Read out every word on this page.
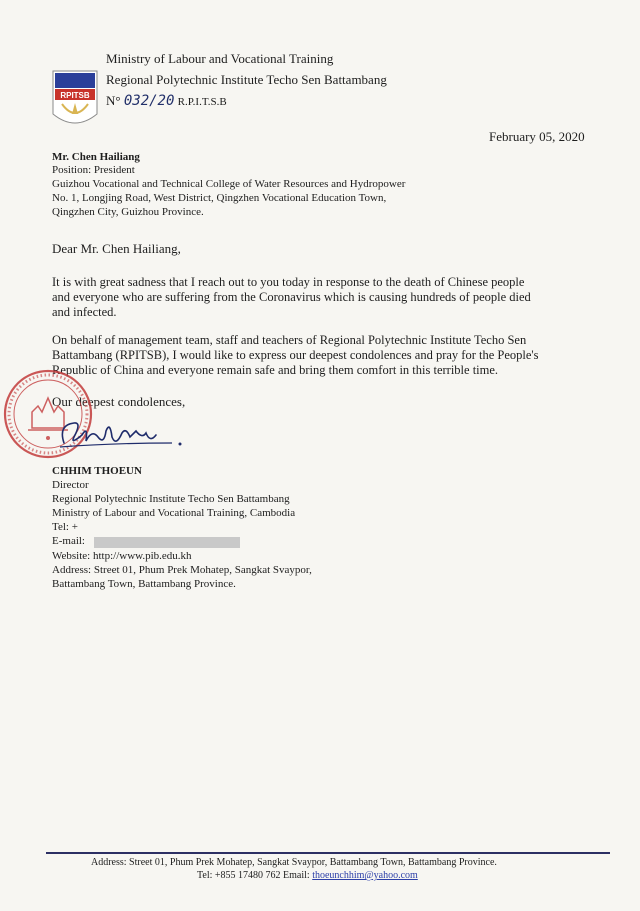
RPITSB
Ministry of Labour and Vocational Training
Regional Polytechnic Institute Techo Sen Battambang
N° 032/20 R.P.I.T.S.B
February 05, 2020
Mr. Chen Hailiang
Position: President
Guizhou Vocational and Technical College of Water Resources and Hydropower
No. 1, Longjing Road, West District, Qingzhen Vocational Education Town,
Qingzhen City, Guizhou Province.
Dear Mr. Chen Hailiang,
It is with great sadness that I reach out to you today in response to the death of Chinese people
and everyone who are suffering from the Coronavirus which is causing hundreds of people died
and infected.
On behalf of management team, staff and teachers of Regional Polytechnic Institute Techo Sen
Battambang (RPITSB), I would like to express our deepest condolences and pray for the People's
Republic of China and everyone remain safe and bring them comfort in this terrible time.
Our deepest condolences,
CHHIM THOEUN
Director
Regional Polytechnic Institute Techo Sen Battambang
Ministry of Labour and Vocational Training, Cambodia
Tel: +
E-mail:
Website: http://www.pib.edu.kh
Address: Street 01, Phum Prek Mohatep, Sangkat Svaypor,
Battambang Town, Battambang Province.
Address: Street 01, Phum Prek Mohatep, Sangkat Svaypor, Battambang Town, Battambang Province.
Tel: +855 17480 762 Email: thoeunchhim@yahoo.com
